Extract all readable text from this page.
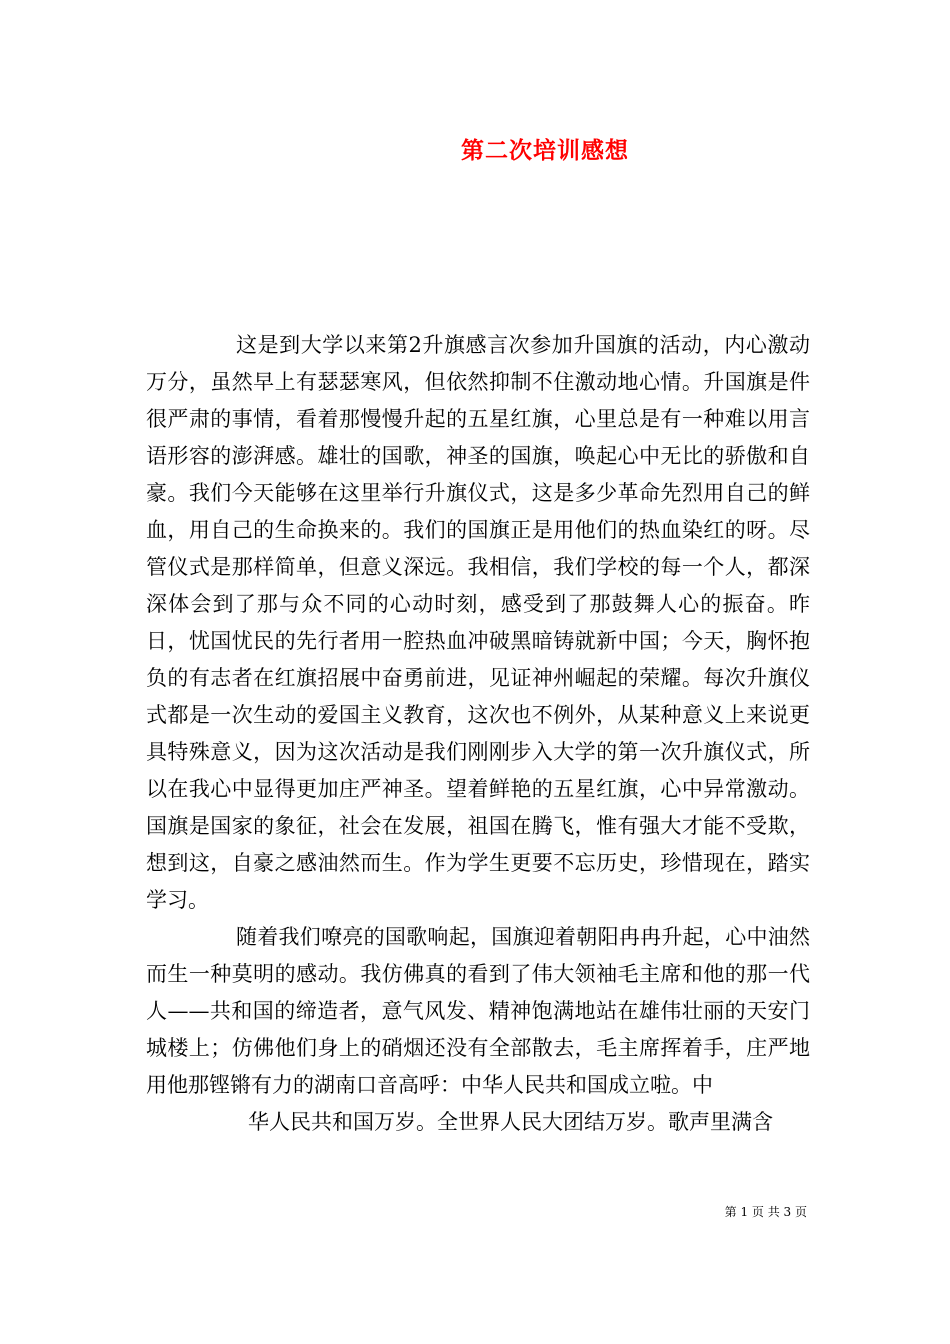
第二次培训感想

这是到大学以来第2升旗感言次参加升国旗的活动，内心激动万分，虽然早上有瑟瑟寒风，但依然抑制不住激动地心情。升国旗是件很严肃的事情，看着那慢慢升起的五星红旗，心里总是有一种难以用言语形容的澎湃感。雄壮的国歌，神圣的国旗，唤起心中无比的骄傲和自豪。我们今天能够在这里举行升旗仪式，这是多少革命先烈用自己的鲜血，用自己的生命换来的。我们的国旗正是用他们的热血染红的呀。尽管仪式是那样简单，但意义深远。我相信，我们学校的每一个人，都深深体会到了那与众不同的心动时刻，感受到了那鼓舞人心的振奋。昨日，忧国忧民的先行者用一腔热血冲破黑暗铸就新中国；今天，胸怀抱负的有志者在红旗招展中奋勇前进，见证神州崛起的荣耀。每次升旗仪式都是一次生动的爱国主义教育，这次也不例外，从某种意义上来说更具特殊意义，因为这次活动是我们刚刚步入大学的第一次升旗仪式，所以在我心中显得更加庄严神圣。望着鲜艳的五星红旗，心中异常激动。国旗是国家的象征，社会在发展，祖国在腾飞，惟有强大才能不受欺，想到这，自豪之感油然而生。作为学生更要不忘历史，珍惜现在，踏实学习。

随着我们嘹亮的国歌响起，国旗迎着朝阳冉冉升起，心中油然而生一种莫明的感动。我仿佛真的看到了伟大领袖毛主席和他的那一代人——共和国的缔造者，意气风发、精神饱满地站在雄伟壮丽的天安门城楼上；仿佛他们身上的硝烟还没有全部散去，毛主席挥着手，庄严地用他那铿锵有力的湖南口音高呼：中华人民共和国成立啦。中

华人民共和国万岁。全世界人民大团结万岁。歌声里满含

第 1 页 共 3 页
